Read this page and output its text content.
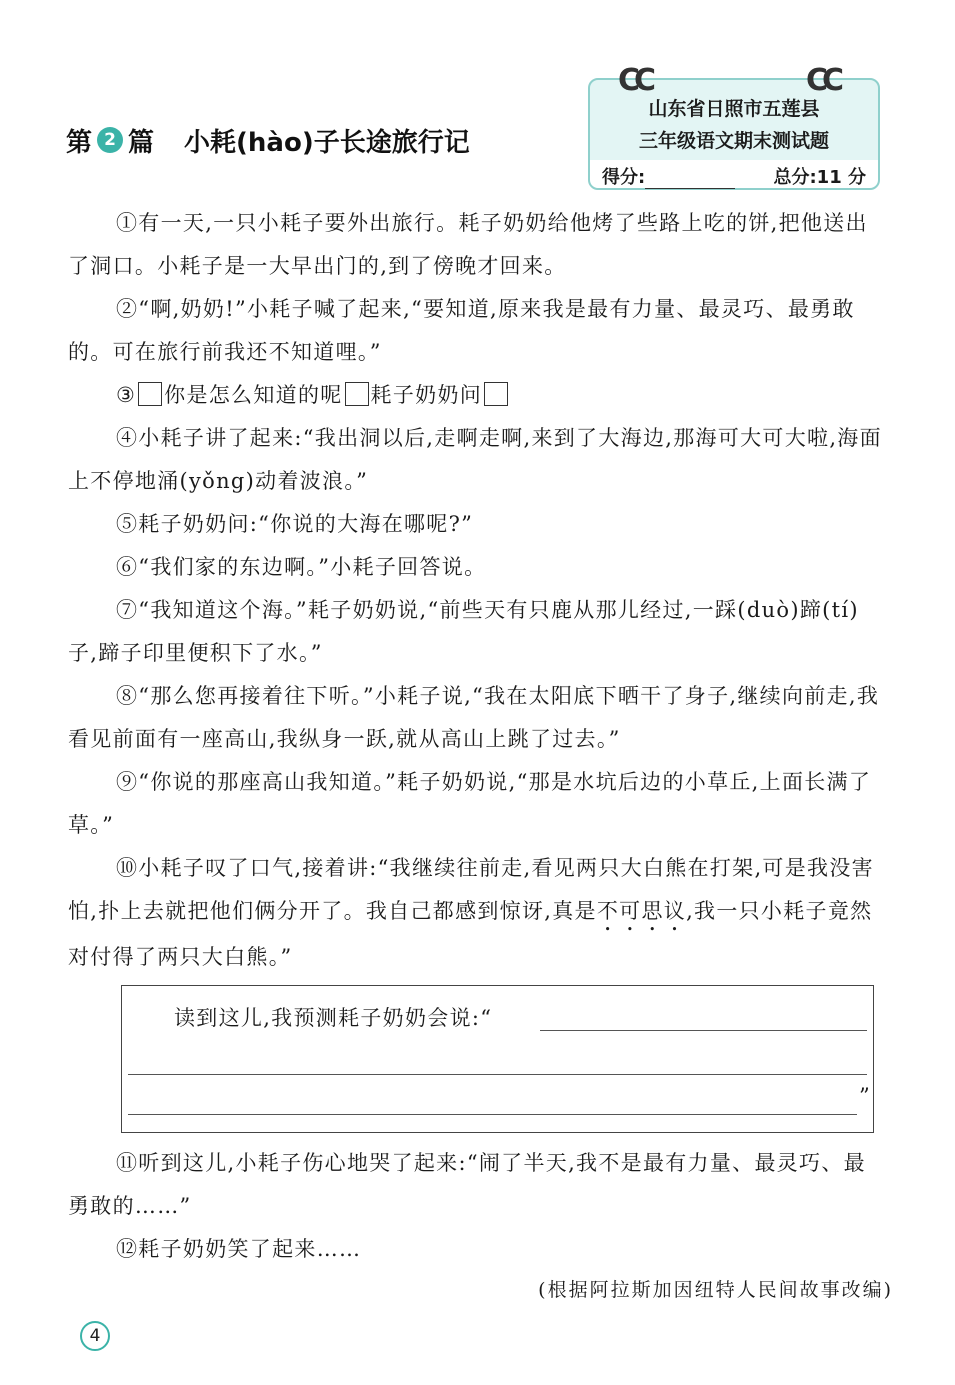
第 2 篇 小耗(hào)子长途旅行记
CC	CC
山东省日照市五莲县
三年级语文期末测试题
得分:	总分:11 分

①有一天,一只小耗子要外出旅行。耗子奶奶给他烤了些路上吃的饼,把他送出了洞口。小耗子是一大早出门的,到了傍晚才回来。

②“啊,奶奶!”小耗子喊了起来,“要知道,原来我是最有力量、最灵巧、最勇敢的。可在旅行前我还不知道哩。”

③ 你是怎么知道的呢 耗子奶奶问

④小耗子讲了起来:“我出洞以后,走啊走啊,来到了大海边,那海可大可大啦,海面上不停地涌(yǒng)动着波浪。”

⑤耗子奶奶问:“你说的大海在哪呢?”

⑥“我们家的东边啊。”小耗子回答说。

⑦“我知道这个海。”耗子奶奶说,“前些天有只鹿从那儿经过,一踩(duò)蹄(tí)子,蹄子印里便积下了水。”

⑧“那么您再接着往下听。”小耗子说,“我在太阳底下晒干了身子,继续向前走,我看见前面有一座高山,我纵身一跃,就从高山上跳了过去。”

⑨“你说的那座高山我知道。”耗子奶奶说,“那是水坑后边的小草丘,上面长满了草。”

⑩小耗子叹了口气,接着讲:“我继续往前走,看见两只大白熊在打架,可是我没害怕,扑上去就把他们俩分开了。我自己都感到惊讶,真是不可思议,我一只小耗子竟然对付得了两只大白熊。”

读到这儿,我预测耗子奶奶会说:“
”

⑪听到这儿,小耗子伤心地哭了起来:“闹了半天,我不是最有力量、最灵巧、最勇敢的……”

⑫耗子奶奶笑了起来……

(根据阿拉斯加因纽特人民间故事改编)
4
